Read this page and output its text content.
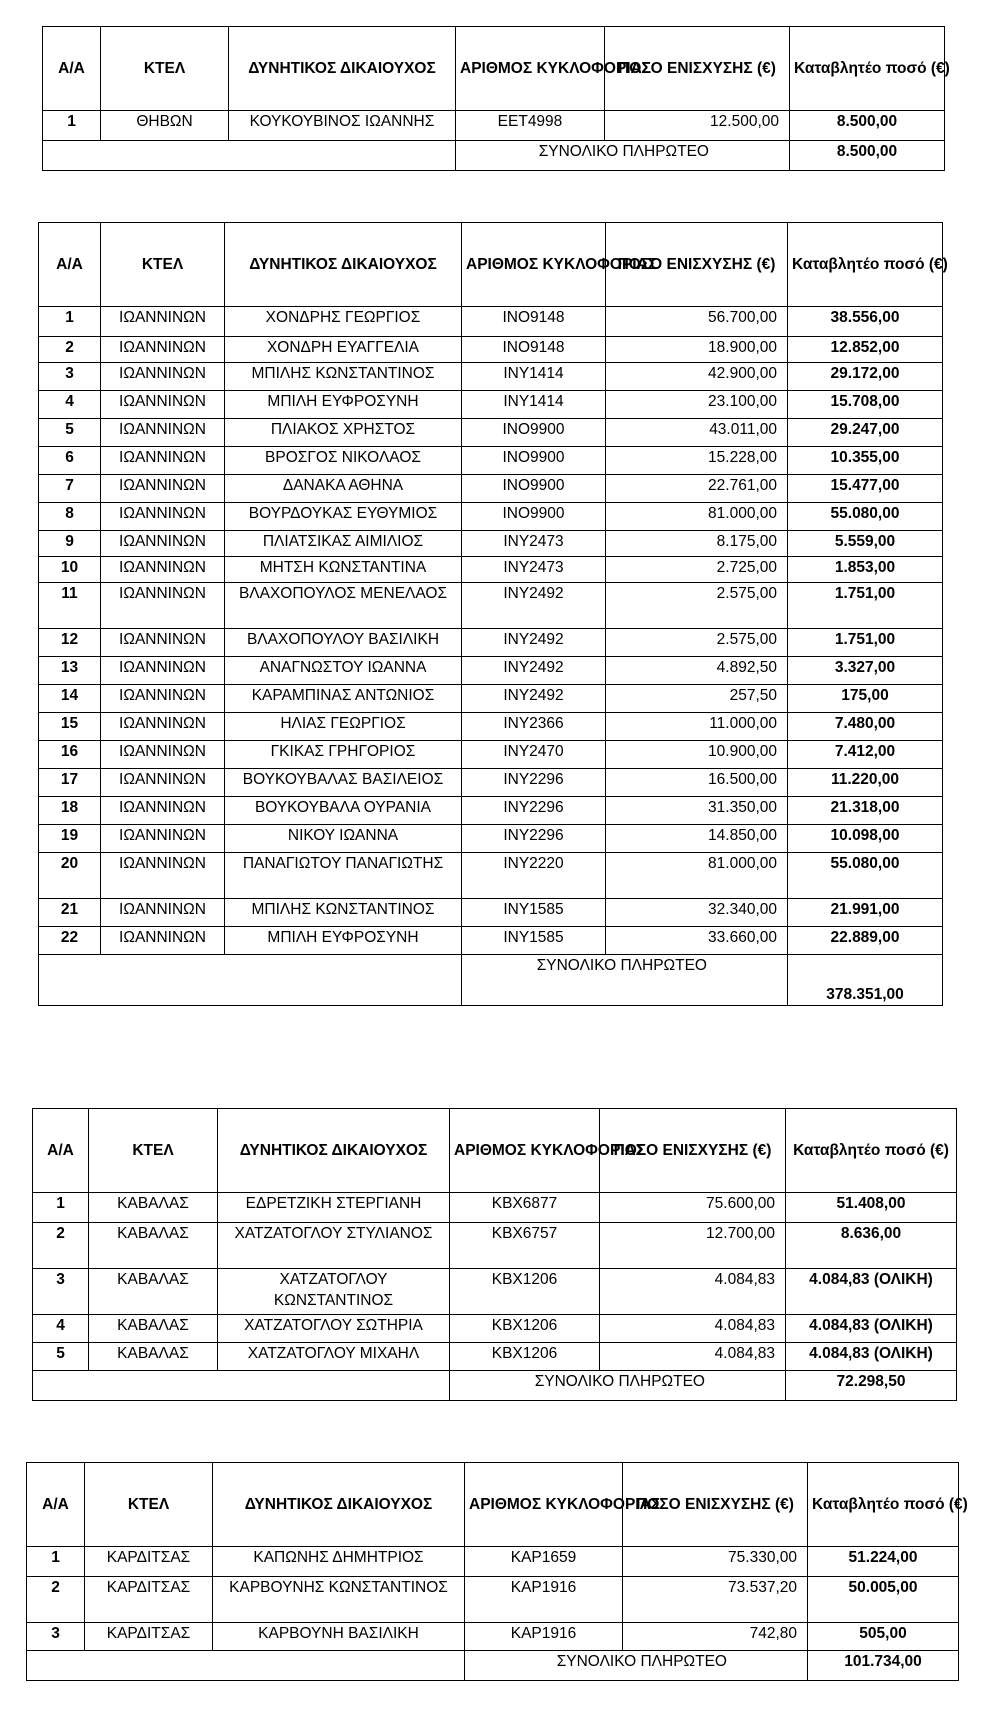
Α/Α	ΚΤΕΛ	ΔΥΝΗΤΙΚΟΣ ΔΙΚΑΙΟΥΧΟΣ	ΑΡΙΘΜΟΣ ΚΥΚΛΟΦΟΡΙΑΣ	ΠΟΣΟ ΕΝΙΣΧΥΣΗΣ (€)	Καταβλητέο ποσό (€)
1	ΘΗΒΩΝ	ΚΟΥΚΟΥΒΙΝΟΣ ΙΩΑΝΝΗΣ	ΕΕΤ4998	12.500,00	8.500,00
			ΣΥΝΟΛΙΚΟ ΠΛΗΡΩΤΕΟ		8.500,00
Α/Α	ΚΤΕΛ	ΔΥΝΗΤΙΚΟΣ ΔΙΚΑΙΟΥΧΟΣ	ΑΡΙΘΜΟΣ ΚΥΚΛΟΦΟΡΙΑΣ	ΠΟΣΟ ΕΝΙΣΧΥΣΗΣ (€)	Καταβλητέο ποσό (€)
1	ΙΩΑΝΝΙΝΩΝ	ΧΟΝΔΡΗΣ ΓΕΩΡΓΙΟΣ	ΙΝΟ9148	56.700,00	38.556,00
2	ΙΩΑΝΝΙΝΩΝ	ΧΟΝΔΡΗ ΕΥΑΓΓΕΛΙΑ	ΙΝΟ9148	18.900,00	12.852,00
3	ΙΩΑΝΝΙΝΩΝ	ΜΠΙΛΗΣ ΚΩΝΣΤΑΝΤΙΝΟΣ	ΙΝΥ1414	42.900,00	29.172,00
4	ΙΩΑΝΝΙΝΩΝ	ΜΠΙΛΗ ΕΥΦΡΟΣΥΝΗ	ΙΝΥ1414	23.100,00	15.708,00
5	ΙΩΑΝΝΙΝΩΝ	ΠΛΙΑΚΟΣ ΧΡΗΣΤΟΣ	ΙΝΟ9900	43.011,00	29.247,00
6	ΙΩΑΝΝΙΝΩΝ	ΒΡΟΣΓΟΣ ΝΙΚΟΛΑΟΣ	ΙΝΟ9900	15.228,00	10.355,00
7	ΙΩΑΝΝΙΝΩΝ	ΔΑΝΑΚΑ ΑΘΗΝΑ	ΙΝΟ9900	22.761,00	15.477,00
8	ΙΩΑΝΝΙΝΩΝ	ΒΟΥΡΔΟΥΚΑΣ ΕΥΘΥΜΙΟΣ	ΙΝΟ9900	81.000,00	55.080,00
9	ΙΩΑΝΝΙΝΩΝ	ΠΛΙΑΤΣΙΚΑΣ ΑΙΜΙΛΙΟΣ	ΙΝΥ2473	8.175,00	5.559,00
10	ΙΩΑΝΝΙΝΩΝ	ΜΗΤΣΗ ΚΩΝΣΤΑΝΤΙΝΑ	ΙΝΥ2473	2.725,00	1.853,00
11	ΙΩΑΝΝΙΝΩΝ	ΒΛΑΧΟΠΟΥΛΟΣ ΜΕΝΕΛΑΟΣ	ΙΝΥ2492	2.575,00	1.751,00
12	ΙΩΑΝΝΙΝΩΝ	ΒΛΑΧΟΠΟΥΛΟΥ ΒΑΣΙΛΙΚΗ	ΙΝΥ2492	2.575,00	1.751,00
13	ΙΩΑΝΝΙΝΩΝ	ΑΝΑΓΝΩΣΤΟΥ ΙΩΑΝΝΑ	ΙΝΥ2492	4.892,50	3.327,00
14	ΙΩΑΝΝΙΝΩΝ	ΚΑΡΑΜΠΙΝΑΣ ΑΝΤΩΝΙΟΣ	ΙΝΥ2492	257,50	175,00
15	ΙΩΑΝΝΙΝΩΝ	ΗΛΙΑΣ ΓΕΩΡΓΙΟΣ	ΙΝΥ2366	11.000,00	7.480,00
16	ΙΩΑΝΝΙΝΩΝ	ΓΚΙΚΑΣ ΓΡΗΓΟΡΙΟΣ	ΙΝΥ2470	10.900,00	7.412,00
17	ΙΩΑΝΝΙΝΩΝ	ΒΟΥΚΟΥΒΑΛΑΣ ΒΑΣΙΛΕΙΟΣ	ΙΝΥ2296	16.500,00	11.220,00
18	ΙΩΑΝΝΙΝΩΝ	ΒΟΥΚΟΥΒΑΛΑ ΟΥΡΑΝΙΑ	ΙΝΥ2296	31.350,00	21.318,00
19	ΙΩΑΝΝΙΝΩΝ	ΝΙΚΟΥ ΙΩΑΝΝΑ	ΙΝΥ2296	14.850,00	10.098,00
20	ΙΩΑΝΝΙΝΩΝ	ΠΑΝΑΓΙΩΤΟΥ ΠΑΝΑΓΙΩΤΗΣ	ΙΝΥ2220	81.000,00	55.080,00
21	ΙΩΑΝΝΙΝΩΝ	ΜΠΙΛΗΣ ΚΩΝΣΤΑΝΤΙΝΟΣ	ΙΝΥ1585	32.340,00	21.991,00
22	ΙΩΑΝΝΙΝΩΝ	ΜΠΙΛΗ ΕΥΦΡΟΣΥΝΗ	ΙΝΥ1585	33.660,00	22.889,00
			ΣΥΝΟΛΙΚΟ ΠΛΗΡΩΤΕΟ		378.351,00
Α/Α	ΚΤΕΛ	ΔΥΝΗΤΙΚΟΣ ΔΙΚΑΙΟΥΧΟΣ	ΑΡΙΘΜΟΣ ΚΥΚΛΟΦΟΡΙΑΣ	ΠΟΣΟ ΕΝΙΣΧΥΣΗΣ (€)	Καταβλητέο ποσό (€)
1	ΚΑΒΑΛΑΣ	ΕΔΡΕΤΖΙΚΗ ΣΤΕΡΓΙΑΝΗ	ΚΒΧ6877	75.600,00	51.408,00
2	ΚΑΒΑΛΑΣ	ΧΑΤΖΑΤΟΓΛΟΥ ΣΤΥΛΙΑΝΟΣ	ΚΒΧ6757	12.700,00	8.636,00
3	ΚΑΒΑΛΑΣ	ΧΑΤΖΑΤΟΓΛΟΥ ΚΩΝΣΤΑΝΤΙΝΟΣ	ΚΒΧ1206	4.084,83	4.084,83 (ΟΛΙΚΗ)
4	ΚΑΒΑΛΑΣ	ΧΑΤΖΑΤΟΓΛΟΥ ΣΩΤΗΡΙΑ	ΚΒΧ1206	4.084,83	4.084,83 (ΟΛΙΚΗ)
5	ΚΑΒΑΛΑΣ	ΧΑΤΖΑΤΟΓΛΟΥ ΜΙΧΑΗΛ	ΚΒΧ1206	4.084,83	4.084,83 (ΟΛΙΚΗ)
			ΣΥΝΟΛΙΚΟ ΠΛΗΡΩΤΕΟ		72.298,50
Α/Α	ΚΤΕΛ	ΔΥΝΗΤΙΚΟΣ ΔΙΚΑΙΟΥΧΟΣ	ΑΡΙΘΜΟΣ ΚΥΚΛΟΦΟΡΙΑΣ	ΠΟΣΟ ΕΝΙΣΧΥΣΗΣ (€)	Καταβλητέο ποσό (€)
1	ΚΑΡΔΙΤΣΑΣ	ΚΑΠΩΝΗΣ ΔΗΜΗΤΡΙΟΣ	ΚΑΡ1659	75.330,00	51.224,00
2	ΚΑΡΔΙΤΣΑΣ	ΚΑΡΒΟΥΝΗΣ ΚΩΝΣΤΑΝΤΙΝΟΣ	ΚΑΡ1916	73.537,20	50.005,00
3	ΚΑΡΔΙΤΣΑΣ	ΚΑΡΒΟΥΝΗ ΒΑΣΙΛΙΚΗ	ΚΑΡ1916	742,80	505,00
			ΣΥΝΟΛΙΚΟ ΠΛΗΡΩΤΕΟ		101.734,00
